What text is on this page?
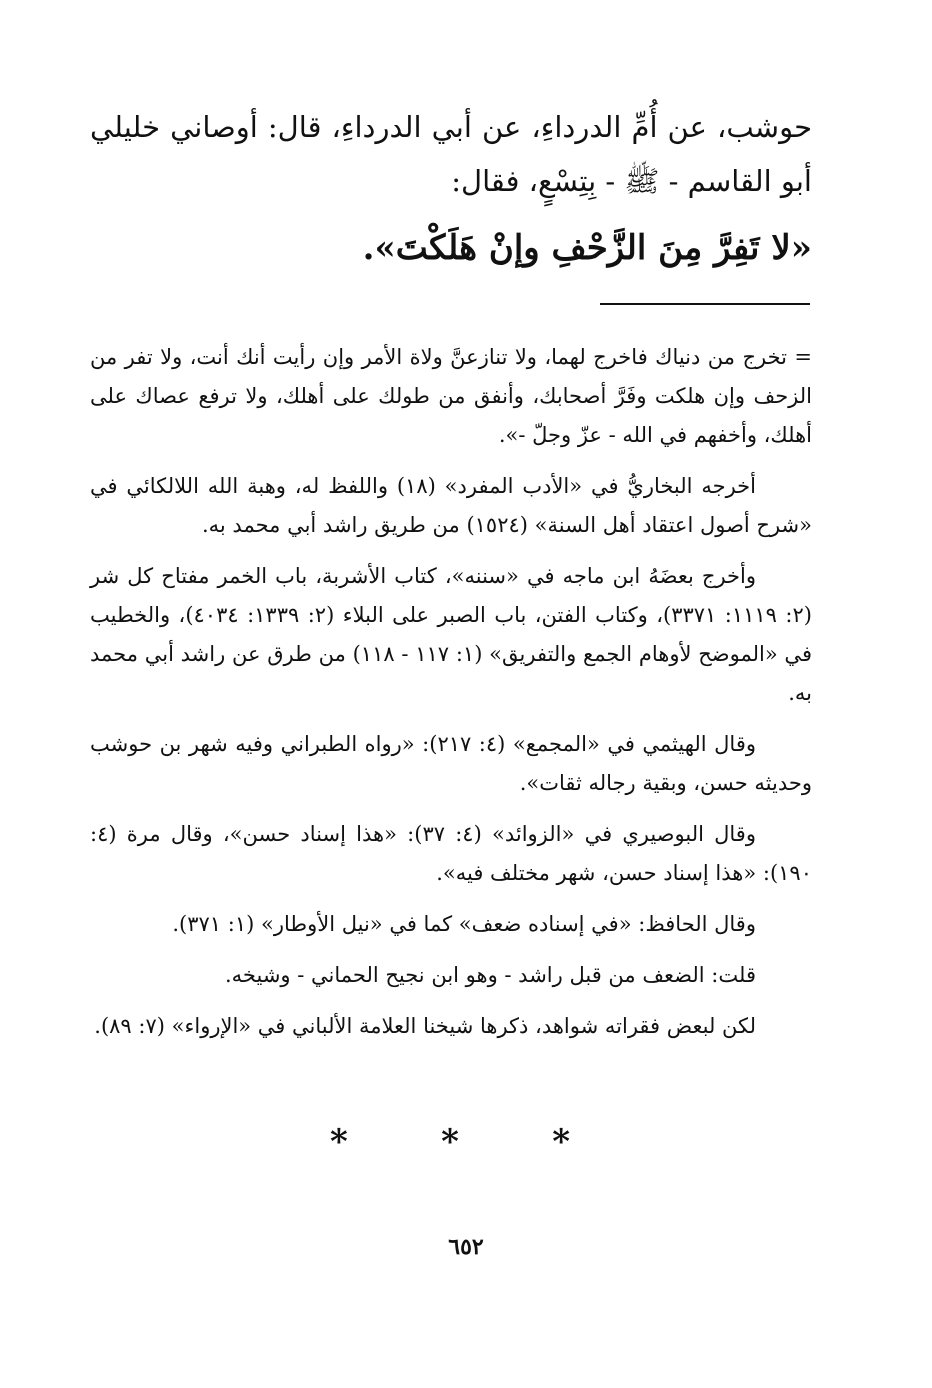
حوشب، عن أُمِّ الدرداءِ، عن أبي الدرداءِ، قال: أوصاني خليلي أبو القاسم - ﷺ - بِتِسْعٍ، فقال:
«لا تَفِرَّ مِنَ الزَّحْفِ وإنْ هَلَكْتَ».

= تخرج من دنياك فاخرج لهما، ولا تنازعنَّ ولاة الأمر وإن رأيت أنك أنت، ولا تفر من الزحف وإن هلكت وفَرَّ أصحابك، وأنفق من طولك على أهلك، ولا ترفع عصاك على أهلك، وأخفهم في الله - عزّ وجلّ -».

أخرجه البخاريُّ في «الأدب المفرد» (١٨) واللفظ له، وهبة الله اللالكائي في «شرح أصول اعتقاد أهل السنة» (١٥٢٤) من طريق راشد أبي محمد به.

وأخرج بعضَهُ ابن ماجه في «سننه»، كتاب الأشربة، باب الخمر مفتاح كل شر (٢: ١١١٩: ٣٣٧١)، وكتاب الفتن، باب الصبر على البلاء (٢: ١٣٣٩: ٤٠٣٤)، والخطيب في «الموضح لأوهام الجمع والتفريق» (١: ١١٧ - ١١٨) من طرق عن راشد أبي محمد به.

وقال الهيثمي في «المجمع» (٤: ٢١٧): «رواه الطبراني وفيه شهر بن حوشب وحديثه حسن، وبقية رجاله ثقات».

وقال البوصيري في «الزوائد» (٤: ٣٧): «هذا إسناد حسن»، وقال مرة (٤: ١٩٠): «هذا إسناد حسن، شهر مختلف فيه».

وقال الحافظ: «في إسناده ضعف» كما في «نيل الأوطار» (١: ٣٧١).

قلت: الضعف من قبل راشد - وهو ابن نجيح الحماني - وشيخه.

لكن لبعض فقراته شواهد، ذكرها شيخنا العلامة الألباني في «الإرواء» (٧: ٨٩).

*	*	*
٦٥٢
